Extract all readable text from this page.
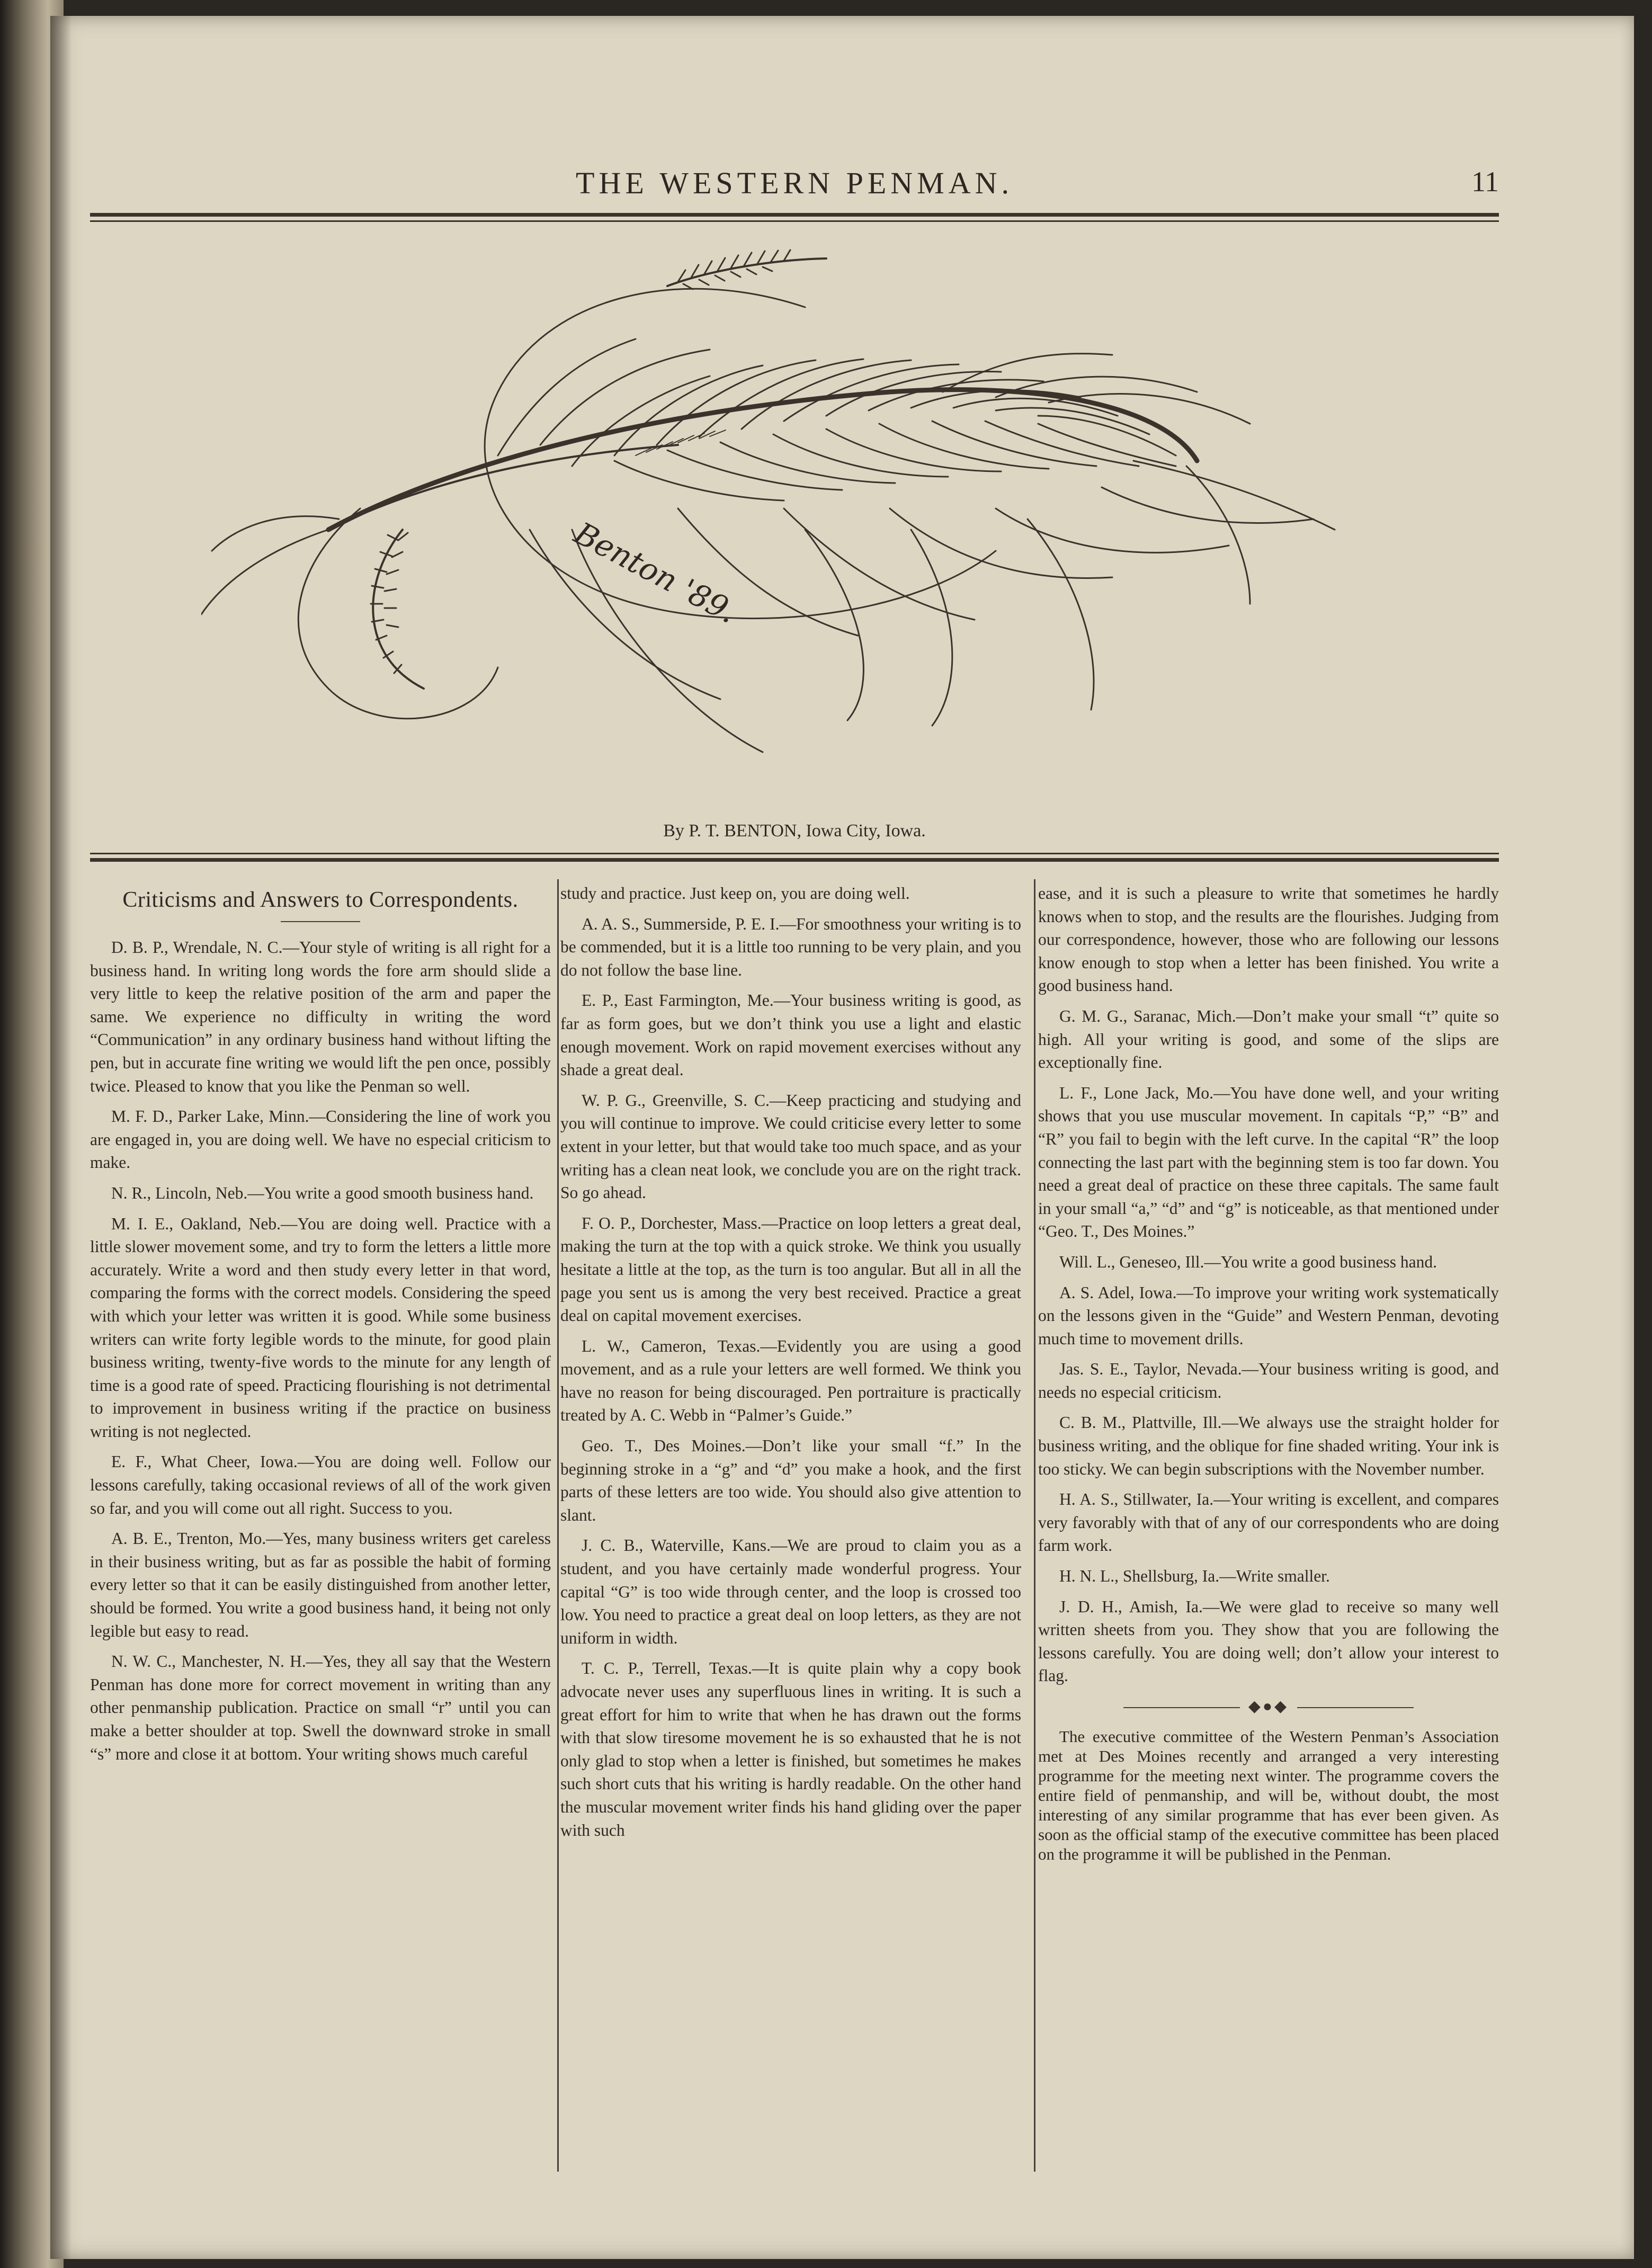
THE WESTERN PENMAN.	11
Benton '89.
By P. T. BENTON, Iowa City, Iowa.
Criticisms and Answers to Correspondents.

D. B. P., Wrendale, N. C.—Your style of writing is all right for a business hand. In writing long words the fore arm should slide a very little to keep the relative position of the arm and paper the same. We experience no difficulty in writing the word “Communication” in any ordinary business hand without lifting the pen, but in accurate fine writing we would lift the pen once, possibly twice. Pleased to know that you like the Penman so well.

M. F. D., Parker Lake, Minn.—Considering the line of work you are engaged in, you are doing well. We have no especial criticism to make.

N. R., Lincoln, Neb.—You write a good smooth business hand.

M. I. E., Oakland, Neb.—You are doing well. Practice with a little slower movement some, and try to form the letters a little more accurately. Write a word and then study every letter in that word, comparing the forms with the correct models. Considering the speed with which your letter was written it is good. While some business writers can write forty legible words to the minute, for good plain business writing, twenty-five words to the minute for any length of time is a good rate of speed. Practicing flourishing is not detrimental to improvement in business writing if the practice on business writing is not neglected.

E. F., What Cheer, Iowa.—You are doing well. Follow our lessons carefully, taking occasional reviews of all of the work given so far, and you will come out all right. Success to you.

A. B. E., Trenton, Mo.—Yes, many business writers get careless in their business writing, but as far as possible the habit of forming every letter so that it can be easily distinguished from another letter, should be formed. You write a good business hand, it being not only legible but easy to read.

N. W. C., Manchester, N. H.—Yes, they all say that the Western Penman has done more for correct movement in writing than any other penmanship publication. Practice on small “r” until you can make a better shoulder at top. Swell the downward stroke in small “s” more and close it at bottom. Your writing shows much careful

study and practice. Just keep on, you are doing well.

A. A. S., Summerside, P. E. I.—For smoothness your writing is to be commended, but it is a little too running to be very plain, and you do not follow the base line.

E. P., East Farmington, Me.—Your business writing is good, as far as form goes, but we don’t think you use a light and elastic enough movement. Work on rapid movement exercises without any shade a great deal.

W. P. G., Greenville, S. C.—Keep practicing and studying and you will continue to improve. We could criticise every letter to some extent in your letter, but that would take too much space, and as your writing has a clean neat look, we conclude you are on the right track. So go ahead.

F. O. P., Dorchester, Mass.—Practice on loop letters a great deal, making the turn at the top with a quick stroke. We think you usually hesitate a little at the top, as the turn is too angular. But all in all the page you sent us is among the very best received. Practice a great deal on capital movement exercises.

L. W., Cameron, Texas.—Evidently you are using a good movement, and as a rule your letters are well formed. We think you have no reason for being discouraged. Pen portraiture is practically treated by A. C. Webb in “Palmer’s Guide.”

Geo. T., Des Moines.—Don’t like your small “f.” In the beginning stroke in a “g” and “d” you make a hook, and the first parts of these letters are too wide. You should also give attention to slant.

J. C. B., Waterville, Kans.—We are proud to claim you as a student, and you have certainly made wonderful progress. Your capital “G” is too wide through center, and the loop is crossed too low. You need to practice a great deal on loop letters, as they are not uniform in width.

T. C. P., Terrell, Texas.—It is quite plain why a copy book advocate never uses any superfluous lines in writing. It is such a great effort for him to write that when he has drawn out the forms with that slow tiresome movement he is so exhausted that he is not only glad to stop when a letter is finished, but sometimes he makes such short cuts that his writing is hardly readable. On the other hand the muscular movement writer finds his hand gliding over the paper with such

ease, and it is such a pleasure to write that sometimes he hardly knows when to stop, and the results are the flourishes. Judging from our correspondence, however, those who are following our lessons know enough to stop when a letter has been finished. You write a good business hand.

G. M. G., Saranac, Mich.—Don’t make your small “t” quite so high. All your writing is good, and some of the slips are exceptionally fine.

L. F., Lone Jack, Mo.—You have done well, and your writing shows that you use muscular movement. In capitals “P,” “B” and “R” you fail to begin with the left curve. In the capital “R” the loop connecting the last part with the beginning stem is too far down. You need a great deal of practice on these three capitals. The same fault in your small “a,” “d” and “g” is noticeable, as that mentioned under “Geo. T., Des Moines.”

Will. L., Geneseo, Ill.—You write a good business hand.

A. S. Adel, Iowa.—To improve your writing work systematically on the lessons given in the “Guide” and Western Penman, devoting much time to movement drills.

Jas. S. E., Taylor, Nevada.—Your business writing is good, and needs no especial criticism.

C. B. M., Plattville, Ill.—We always use the straight holder for business writing, and the oblique for fine shaded writing. Your ink is too sticky. We can begin subscriptions with the November number.

H. A. S., Stillwater, Ia.—Your writing is excellent, and compares very favorably with that of any of our correspondents who are doing farm work.

H. N. L., Shellsburg, Ia.—Write smaller.

J. D. H., Amish, Ia.—We were glad to receive so many well written sheets from you. They show that you are following the lessons carefully. You are doing well; don’t allow your interest to flag.

◆●◆

The executive committee of the Western Penman’s Association met at Des Moines recently and arranged a very interesting programme for the meeting next winter. The programme covers the entire field of penmanship, and will be, without doubt, the most interesting of any similar programme that has ever been given. As soon as the official stamp of the executive committee has been placed on the programme it will be published in the Penman.
